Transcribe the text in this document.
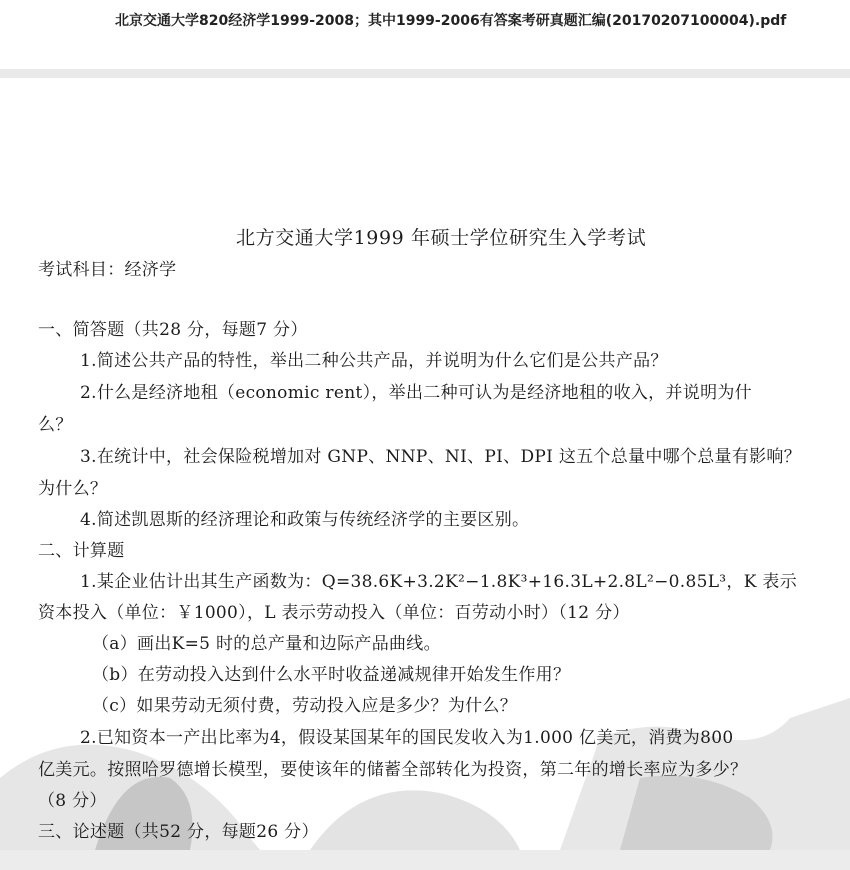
北京交通大学820经济学1999-2008；其中1999-2006有答案考研真题汇编(20170207100004).pdf
北方交通大学1999 年硕士学位研究生入学考试
考试科目：经济学
一、简答题（共28 分，每题7 分）
1.简述公共产品的特性，举出二种公共产品，并说明为什么它们是公共产品？
2.什么是经济地租（economic rent），举出二种可认为是经济地租的收入，并说明为什
么？
3.在统计中，社会保险税增加对 GNP、NNP、NI、PI、DPI 这五个总量中哪个总量有影响？
为什么？
4.简述凯恩斯的经济理论和政策与传统经济学的主要区别。
二、计算题
1.某企业估计出其生产函数为：Q=38.6K+3.2K²−1.8K³+16.3L+2.8L²−0.85L³，K 表示
资本投入（单位：￥1000），L 表示劳动投入（单位：百劳动小时）（12 分）
（a）画出K=5 时的总产量和边际产品曲线。
（b）在劳动投入达到什么水平时收益递减规律开始发生作用？
（c）如果劳动无须付费，劳动投入应是多少？为什么？
2.已知资本一产出比率为4，假设某国某年的国民发收入为1.000 亿美元，消费为800
亿美元。按照哈罗德增长模型，要使该年的储蓄全部转化为投资，第二年的增长率应为多少？
（8 分）
三、论述题（共52 分，每题26 分）
